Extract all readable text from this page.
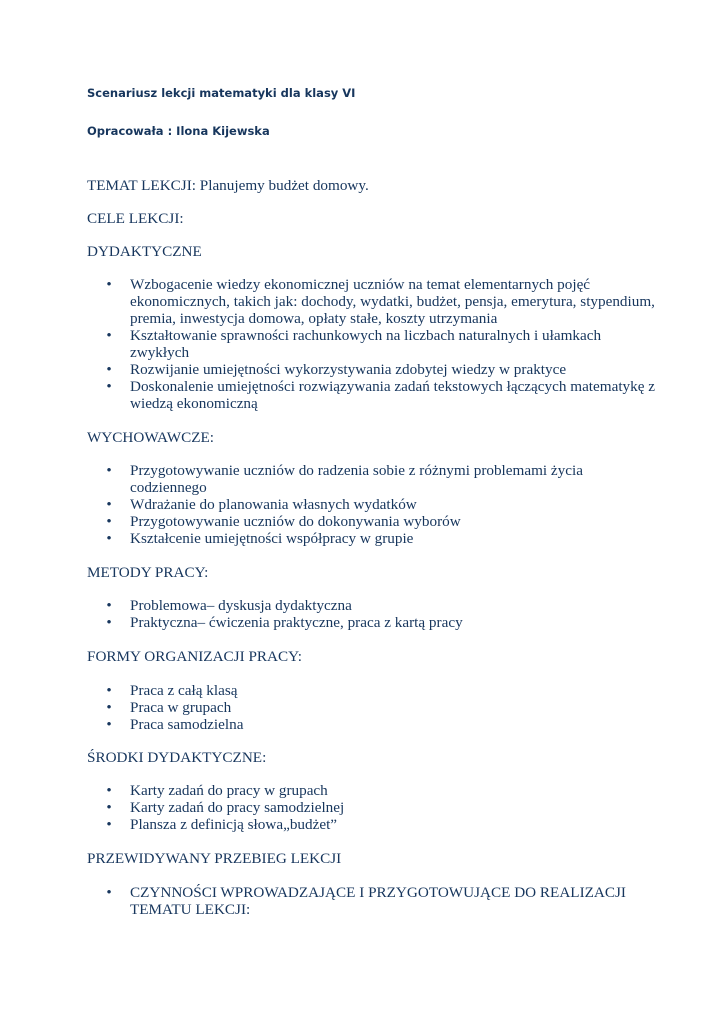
Scenariusz lekcji matematyki dla klasy VI
Opracowała : Ilona Kijewska
TEMAT LEKCJI: Planujemy budżet domowy.
CELE LEKCJI:
DYDAKTYCZNE
• Wzbogacenie wiedzy ekonomicznej uczniów na temat elementarnych pojęć ekonomicznych, takich jak: dochody, wydatki, budżet, pensja, emerytura, stypendium, premia, inwestycja domowa, opłaty stałe, koszty utrzymania
• Kształtowanie sprawności rachunkowych na liczbach naturalnych i ułamkach zwykłych
• Rozwijanie umiejętności wykorzystywania zdobytej wiedzy w praktyce
• Doskonalenie umiejętności rozwiązywania zadań tekstowych łączących matematykę z wiedzą ekonomiczną
WYCHOWAWCZE:
• Przygotowywanie uczniów do radzenia sobie z różnymi problemami życia codziennego
• Wdrażanie do planowania własnych wydatków
• Przygotowywanie uczniów do dokonywania wyborów
• Kształcenie umiejętności współpracy w grupie
METODY PRACY:
• Problemowa– dyskusja dydaktyczna
• Praktyczna– ćwiczenia praktyczne, praca z kartą pracy
FORMY ORGANIZACJI PRACY:
• Praca z całą klasą
• Praca w grupach
• Praca samodzielna
ŚRODKI DYDAKTYCZNE:
• Karty zadań do pracy w grupach
• Karty zadań do pracy samodzielnej
• Plansza z definicją słowa„budżet”
PRZEWIDYWANY PRZEBIEG LEKCJI
• CZYNNOŚCI WPROWADZAJĄCE I PRZYGOTOWUJĄCE DO REALIZACJI TEMATU LEKCJI:
